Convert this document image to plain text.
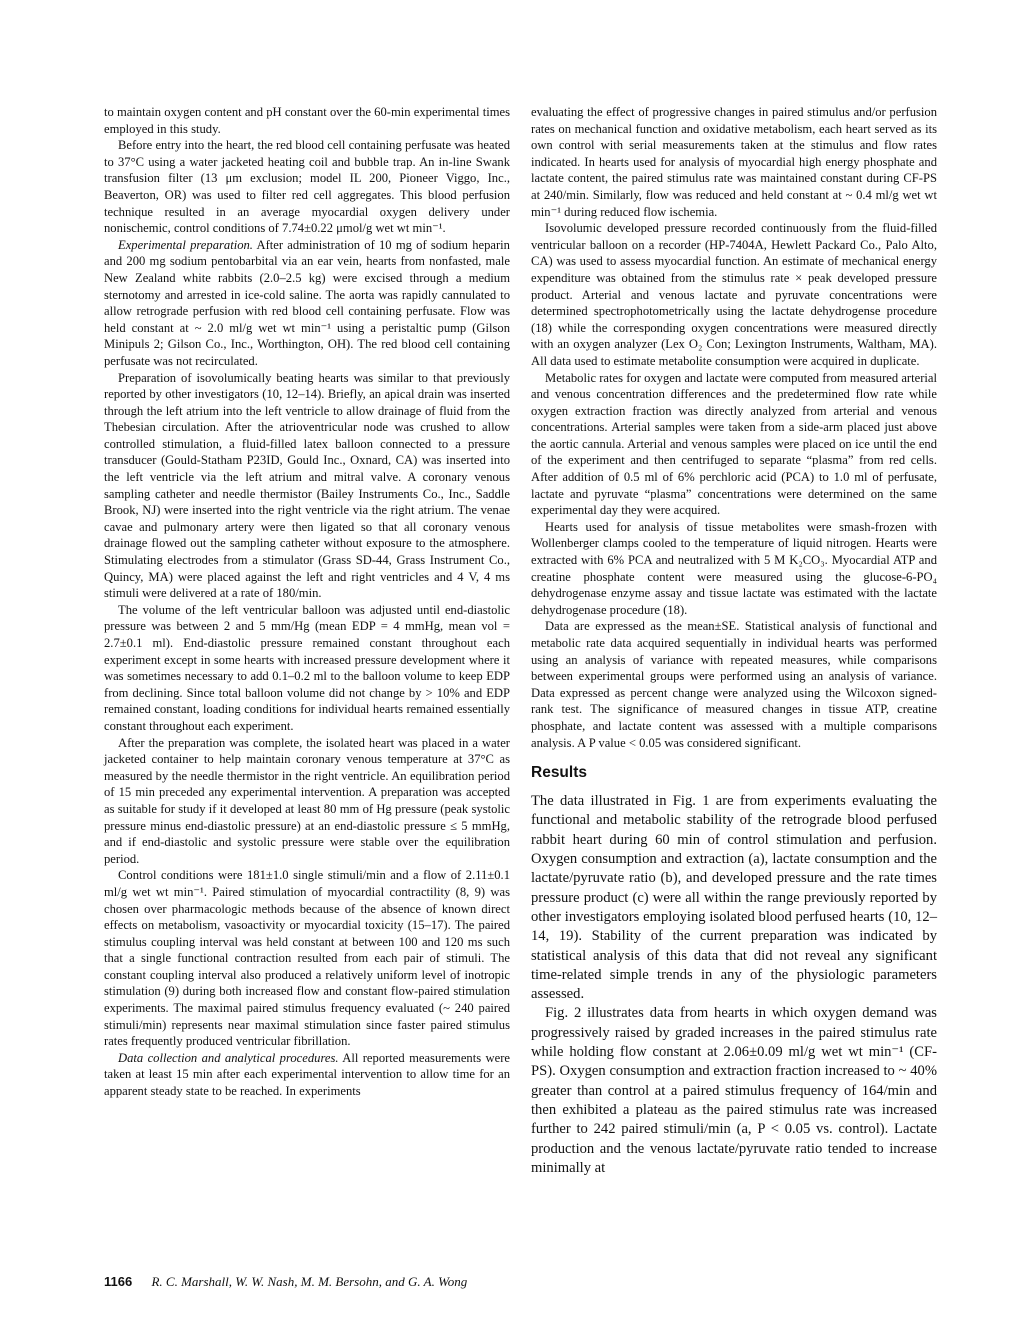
to maintain oxygen content and pH constant over the 60-min experimental times employed in this study.

Before entry into the heart, the red blood cell containing perfusate was heated to 37°C using a water jacketed heating coil and bubble trap. An in-line Swank transfusion filter (13 μm exclusion; model IL 200, Pioneer Viggo, Inc., Beaverton, OR) was used to filter red cell aggregates. This blood perfusion technique resulted in an average myocardial oxygen delivery under nonischemic, control conditions of 7.74±0.22 μmol/g wet wt min⁻¹.

Experimental preparation. After administration of 10 mg of sodium heparin and 200 mg sodium pentobarbital via an ear vein, hearts from nonfasted, male New Zealand white rabbits (2.0–2.5 kg) were excised through a medium sternotomy and arrested in ice-cold saline. The aorta was rapidly cannulated to allow retrograde perfusion with red blood cell containing perfusate. Flow was held constant at ~ 2.0 ml/g wet wt min⁻¹ using a peristaltic pump (Gilson Minipuls 2; Gilson Co., Inc., Worthington, OH). The red blood cell containing perfusate was not recirculated.

Preparation of isovolumically beating hearts was similar to that previously reported by other investigators (10, 12–14). Briefly, an apical drain was inserted through the left atrium into the left ventricle to allow drainage of fluid from the Thebesian circulation. After the atrioventricular node was crushed to allow controlled stimulation, a fluid-filled latex balloon connected to a pressure transducer (Gould-Statham P23ID, Gould Inc., Oxnard, CA) was inserted into the left ventricle via the left atrium and mitral valve. A coronary venous sampling catheter and needle thermistor (Bailey Instruments Co., Inc., Saddle Brook, NJ) were inserted into the right ventricle via the right atrium. The venae cavae and pulmonary artery were then ligated so that all coronary venous drainage flowed out the sampling catheter without exposure to the atmosphere. Stimulating electrodes from a stimulator (Grass SD-44, Grass Instrument Co., Quincy, MA) were placed against the left and right ventricles and 4 V, 4 ms stimuli were delivered at a rate of 180/min.

The volume of the left ventricular balloon was adjusted until end-diastolic pressure was between 2 and 5 mm/Hg (mean EDP = 4 mmHg, mean vol = 2.7±0.1 ml). End-diastolic pressure remained constant throughout each experiment except in some hearts with increased pressure development where it was sometimes necessary to add 0.1–0.2 ml to the balloon volume to keep EDP from declining. Since total balloon volume did not change by > 10% and EDP remained constant, loading conditions for individual hearts remained essentially constant throughout each experiment.

After the preparation was complete, the isolated heart was placed in a water jacketed container to help maintain coronary venous temperature at 37°C as measured by the needle thermistor in the right ventricle. An equilibration period of 15 min preceded any experimental intervention. A preparation was accepted as suitable for study if it developed at least 80 mm of Hg pressure (peak systolic pressure minus end-diastolic pressure) at an end-diastolic pressure ≤ 5 mmHg, and if end-diastolic and systolic pressure were stable over the equilibration period.

Control conditions were 181±1.0 single stimuli/min and a flow of 2.11±0.1 ml/g wet wt min⁻¹. Paired stimulation of myocardial contractility (8, 9) was chosen over pharmacologic methods because of the absence of known direct effects on metabolism, vasoactivity or myocardial toxicity (15–17). The paired stimulus coupling interval was held constant at between 100 and 120 ms such that a single functional contraction resulted from each pair of stimuli. The constant coupling interval also produced a relatively uniform level of inotropic stimulation (9) during both increased flow and constant flow-paired stimulation experiments. The maximal paired stimulus frequency evaluated (~ 240 paired stimuli/min) represents near maximal stimulation since faster paired stimulus rates frequently produced ventricular fibrillation.

Data collection and analytical procedures. All reported measurements were taken at least 15 min after each experimental intervention to allow time for an apparent steady state to be reached. In experiments

evaluating the effect of progressive changes in paired stimulus and/or perfusion rates on mechanical function and oxidative metabolism, each heart served as its own control with serial measurements taken at the stimulus and flow rates indicated. In hearts used for analysis of myocardial high energy phosphate and lactate content, the paired stimulus rate was maintained constant during CF-PS at 240/min. Similarly, flow was reduced and held constant at ~ 0.4 ml/g wet wt min⁻¹ during reduced flow ischemia.

Isovolumic developed pressure recorded continuously from the fluid-filled ventricular balloon on a recorder (HP-7404A, Hewlett Packard Co., Palo Alto, CA) was used to assess myocardial function. An estimate of mechanical energy expenditure was obtained from the stimulus rate × peak developed pressure product. Arterial and venous lactate and pyruvate concentrations were determined spectrophotometrically using the lactate dehydrogense procedure (18) while the corresponding oxygen concentrations were measured directly with an oxygen analyzer (Lex O₂ Con; Lexington Instruments, Waltham, MA). All data used to estimate metabolite consumption were acquired in duplicate.

Metabolic rates for oxygen and lactate were computed from measured arterial and venous concentration differences and the predetermined flow rate while oxygen extraction fraction was directly analyzed from arterial and venous concentrations. Arterial samples were taken from a side-arm placed just above the aortic cannula. Arterial and venous samples were placed on ice until the end of the experiment and then centrifuged to separate “plasma” from red cells. After addition of 0.5 ml of 6% perchloric acid (PCA) to 1.0 ml of perfusate, lactate and pyruvate “plasma” concentrations were determined on the same experimental day they were acquired.

Hearts used for analysis of tissue metabolites were smash-frozen with Wollenberger clamps cooled to the temperature of liquid nitrogen. Hearts were extracted with 6% PCA and neutralized with 5 M K₂CO₃. Myocardial ATP and creatine phosphate content were measured using the glucose-6-PO₄ dehydrogenase enzyme assay and tissue lactate was estimated with the lactate dehydrogenase procedure (18).

Data are expressed as the mean±SE. Statistical analysis of functional and metabolic rate data acquired sequentially in individual hearts was performed using an analysis of variance with repeated measures, while comparisons between experimental groups were performed using an analysis of variance. Data expressed as percent change were analyzed using the Wilcoxon signed-rank test. The significance of measured changes in tissue ATP, creatine phosphate, and lactate content was assessed with a multiple comparisons analysis. A P value < 0.05 was considered significant.

Results

The data illustrated in Fig. 1 are from experiments evaluating the functional and metabolic stability of the retrograde blood perfused rabbit heart during 60 min of control stimulation and perfusion. Oxygen consumption and extraction (a), lactate consumption and the lactate/pyruvate ratio (b), and developed pressure and the rate times pressure product (c) were all within the range previously reported by other investigators employing isolated blood perfused hearts (10, 12–14, 19). Stability of the current preparation was indicated by statistical analysis of this data that did not reveal any significant time-related simple trends in any of the physiologic parameters assessed.

Fig. 2 illustrates data from hearts in which oxygen demand was progressively raised by graded increases in the paired stimulus rate while holding flow constant at 2.06±0.09 ml/g wet wt min⁻¹ (CF-PS). Oxygen consumption and extraction fraction increased to ~ 40% greater than control at a paired stimulus frequency of 164/min and then exhibited a plateau as the paired stimulus rate was increased further to 242 paired stimuli/min (a, P < 0.05 vs. control). Lactate production and the venous lactate/pyruvate ratio tended to increase minimally at

1166 R. C. Marshall, W. W. Nash, M. M. Bersohn, and G. A. Wong
